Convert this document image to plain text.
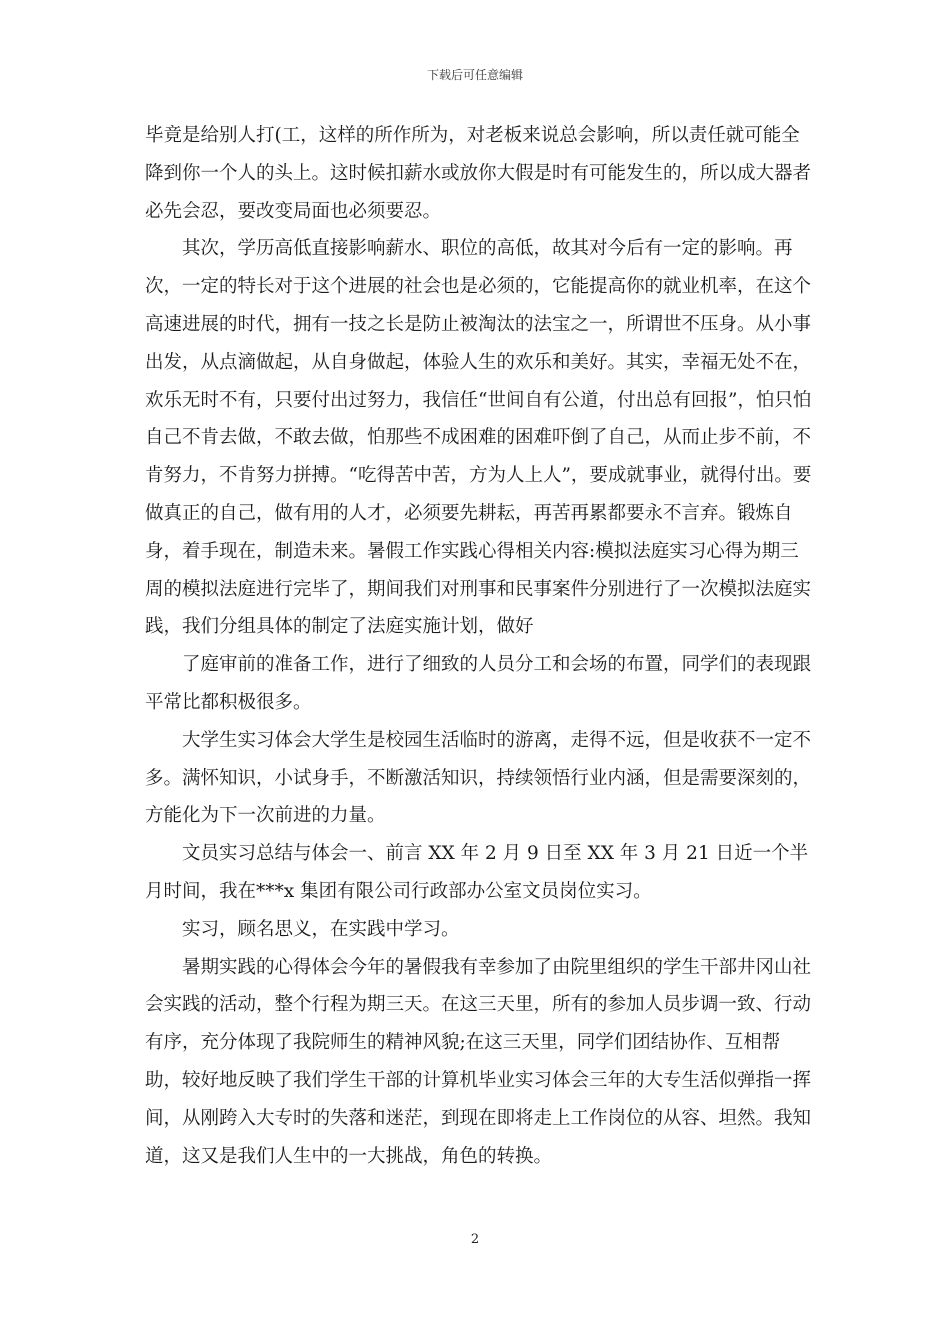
下载后可任意编辑

毕竟是给别人打(工，这样的所作所为，对老板来说总会影响，所以责任就可能全降到你一个人的头上。这时候扣薪水或放你大假是时有可能发生的，所以成大器者必先会忍，要改变局面也必须要忍。

其次，学历高低直接影响薪水、职位的高低，故其对今后有一定的影响。再次，一定的特长对于这个进展的社会也是必须的，它能提高你的就业机率，在这个高速进展的时代，拥有一技之长是防止被淘汰的法宝之一，所谓世不压身。从小事出发，从点滴做起，从自身做起，体验人生的欢乐和美好。其实，幸福无处不在，欢乐无时不有，只要付出过努力，我信任“世间自有公道，付出总有回报”，怕只怕自己不肯去做，不敢去做，怕那些不成困难的困难吓倒了自己，从而止步不前，不肯努力，不肯努力拼搏。“吃得苦中苦，方为人上人”，要成就事业，就得付出。要做真正的自己，做有用的人才，必须要先耕耘，再苦再累都要永不言弃。锻炼自身，着手现在，制造未来。暑假工作实践心得相关内容:模拟法庭实习心得为期三周的模拟法庭进行完毕了，期间我们对刑事和民事案件分别进行了一次模拟法庭实践，我们分组具体的制定了法庭实施计划，做好

了庭审前的准备工作，进行了细致的人员分工和会场的布置，同学们的表现跟平常比都积极很多。

大学生实习体会大学生是校园生活临时的游离，走得不远，但是收获不一定不多。满怀知识，小试身手，不断激活知识，持续领悟行业内涵，但是需要深刻的，方能化为下一次前进的力量。

文员实习总结与体会一、前言 XX 年 2 月 9 日至 XX 年 3 月 21 日近一个半月时间，我在***x 集团有限公司行政部办公室文员岗位实习。

实习，顾名思义，在实践中学习。

暑期实践的心得体会今年的暑假我有幸参加了由院里组织的学生干部井冈山社会实践的活动，整个行程为期三天。在这三天里，所有的参加人员步调一致、行动有序，充分体现了我院师生的精神风貌;在这三天里，同学们团结协作、互相帮助，较好地反映了我们学生干部的计算机毕业实习体会三年的大专生活似弹指一挥间，从刚跨入大专时的失落和迷茫，到现在即将走上工作岗位的从容、坦然。我知道，这又是我们人生中的一大挑战，角色的转换。

2
